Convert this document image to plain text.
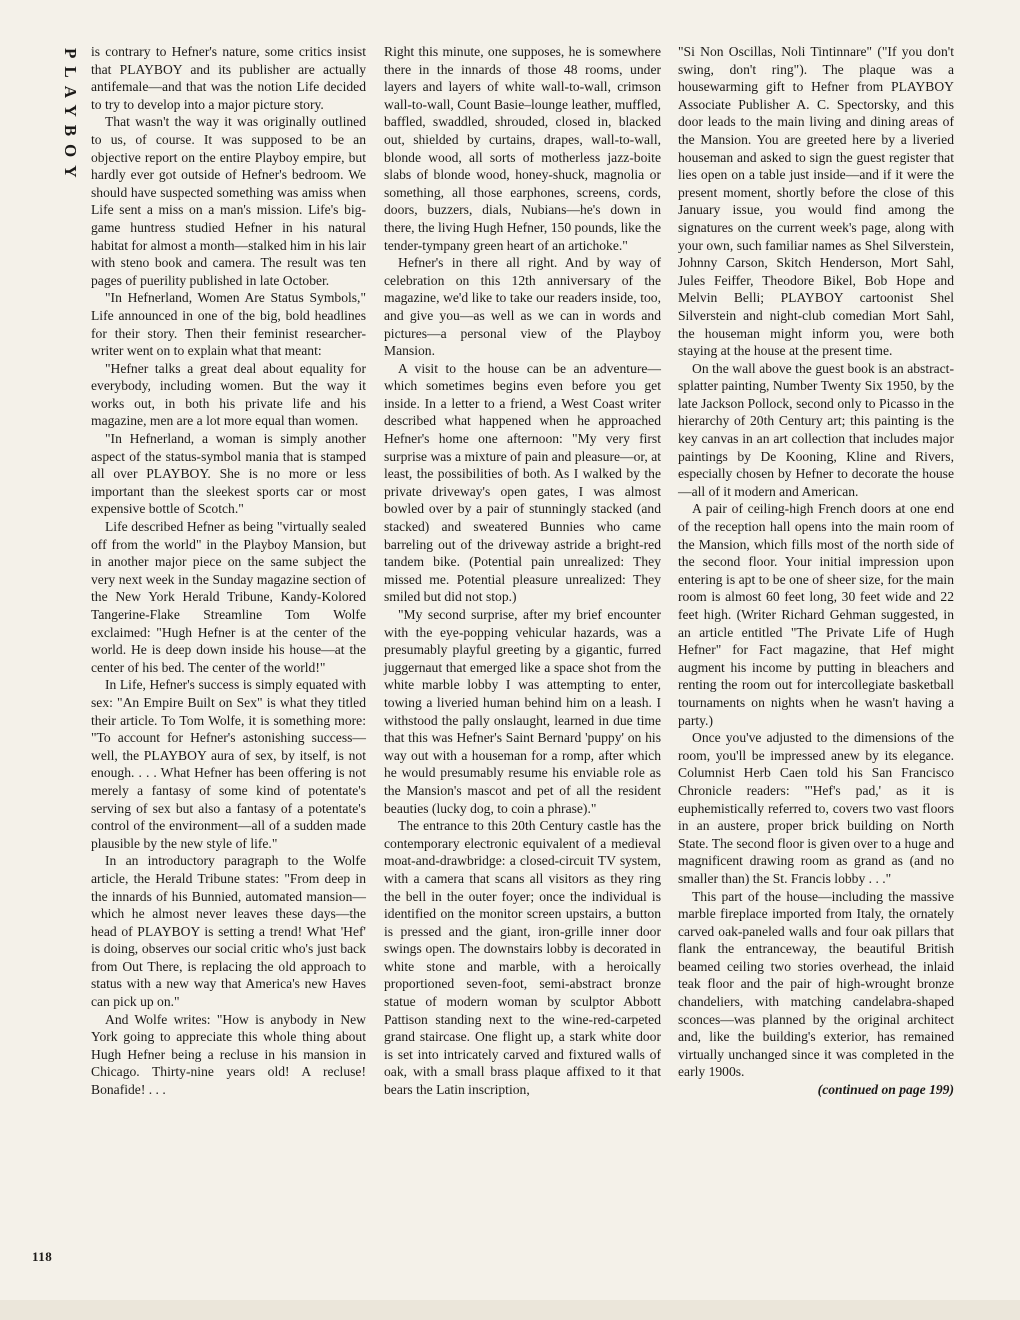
PLAYBOY is contrary to Hefner's nature, some critics insist that PLAYBOY and its publisher are actually antifemale—and that was the notion Life decided to try to develop into a major picture story.

That wasn't the way it was originally outlined to us, of course. It was supposed to be an objective report on the entire Playboy empire, but hardly ever got outside of Hefner's bedroom. We should have suspected something was amiss when Life sent a miss on a man's mission. Life's big-game huntress studied Hefner in his natural habitat for almost a month—stalked him in his lair with steno book and camera. The result was ten pages of puerility published in late October.

"In Hefnerland, Women Are Status Symbols," Life announced in one of the big, bold headlines for their story. Then their feminist researcher-writer went on to explain what that meant:

"Hefner talks a great deal about equality for everybody, including women. But the way it works out, in both his private life and his magazine, men are a lot more equal than women.

"In Hefnerland, a woman is simply another aspect of the status-symbol mania that is stamped all over PLAYBOY. She is no more or less important than the sleekest sports car or most expensive bottle of Scotch."

Life described Hefner as being "virtually sealed off from the world" in the Playboy Mansion, but in another major piece on the same subject the very next week in the Sunday magazine section of the New York Herald Tribune, Kandy-Kolored Tangerine-Flake Streamline Tom Wolfe exclaimed: "Hugh Hefner is at the center of the world. He is deep down inside his house—at the center of his bed. The center of the world!"

In Life, Hefner's success is simply equated with sex: "An Empire Built on Sex" is what they titled their article. To Tom Wolfe, it is something more: "To account for Hefner's astonishing success—well, the PLAYBOY aura of sex, by itself, is not enough. . . . What Hefner has been offering is not merely a fantasy of some kind of potentate's serving of sex but also a fantasy of a potentate's control of the environment—all of a sudden made plausible by the new style of life."

In an introductory paragraph to the Wolfe article, the Herald Tribune states: "From deep in the innards of his Bunnied, automated mansion—which he almost never leaves these days—the head of PLAYBOY is setting a trend! What 'Hef' is doing, observes our social critic who's just back from Out There, is replacing the old approach to status with a new way that America's new Haves can pick up on."

And Wolfe writes: "How is anybody in New York going to appreciate this whole thing about Hugh Hefner being a recluse in his mansion in Chicago. Thirty-nine years old! A recluse! Bonafide! . . .

Right this minute, one supposes, he is somewhere there in the innards of those 48 rooms, under layers and layers of white wall-to-wall, crimson wall-to-wall, Count Basie–lounge leather, muffled, baffled, swaddled, shrouded, closed in, blacked out, shielded by curtains, drapes, wall-to-wall, blonde wood, all sorts of motherless jazz-boite slabs of blonde wood, honey-shuck, magnolia or something, all those earphones, screens, cords, doors, buzzers, dials, Nubians—he's down in there, the living Hugh Hefner, 150 pounds, like the tender-tympany green heart of an artichoke."

Hefner's in there all right. And by way of celebration on this 12th anniversary of the magazine, we'd like to take our readers inside, too, and give you—as well as we can in words and pictures—a personal view of the Playboy Mansion.

A visit to the house can be an adventure—which sometimes begins even before you get inside. In a letter to a friend, a West Coast writer described what happened when he approached Hefner's home one afternoon: "My very first surprise was a mixture of pain and pleasure—or, at least, the possibilities of both. As I walked by the private driveway's open gates, I was almost bowled over by a pair of stunningly stacked (and stacked) and sweatered Bunnies who came barreling out of the driveway astride a bright-red tandem bike. (Potential pain unrealized: They missed me. Potential pleasure unrealized: They smiled but did not stop.)

"My second surprise, after my brief encounter with the eye-popping vehicular hazards, was a presumably playful greeting by a gigantic, furred juggernaut that emerged like a space shot from the white marble lobby I was attempting to enter, towing a liveried human behind him on a leash. I withstood the pally onslaught, learned in due time that this was Hefner's Saint Bernard 'puppy' on his way out with a houseman for a romp, after which he would presumably resume his enviable role as the Mansion's mascot and pet of all the resident beauties (lucky dog, to coin a phrase)."

The entrance to this 20th Century castle has the contemporary electronic equivalent of a medieval moat-and-drawbridge: a closed-circuit TV system, with a camera that scans all visitors as they ring the bell in the outer foyer; once the individual is identified on the monitor screen upstairs, a button is pressed and the giant, iron-grille inner door swings open. The downstairs lobby is decorated in white stone and marble, with a heroically proportioned seven-foot, semi-abstract bronze statue of modern woman by sculptor Abbott Pattison standing next to the wine-red-carpeted grand staircase. One flight up, a stark white door is set into intricately carved and fixtured walls of oak, with a small brass plaque affixed to it that bears the Latin inscription,

"Si Non Oscillas, Noli Tintinnare" ("If you don't swing, don't ring"). The plaque was a housewarming gift to Hefner from PLAYBOY Associate Publisher A. C. Spectorsky, and this door leads to the main living and dining areas of the Mansion. You are greeted here by a liveried houseman and asked to sign the guest register that lies open on a table just inside—and if it were the present moment, shortly before the close of this January issue, you would find among the signatures on the current week's page, along with your own, such familiar names as Shel Silverstein, Johnny Carson, Skitch Henderson, Mort Sahl, Jules Feiffer, Theodore Bikel, Bob Hope and Melvin Belli; PLAYBOY cartoonist Shel Silverstein and night-club comedian Mort Sahl, the houseman might inform you, were both staying at the house at the present time.

On the wall above the guest book is an abstract-splatter painting, Number Twenty Six 1950, by the late Jackson Pollock, second only to Picasso in the hierarchy of 20th Century art; this painting is the key canvas in an art collection that includes major paintings by De Kooning, Kline and Rivers, especially chosen by Hefner to decorate the house—all of it modern and American.

A pair of ceiling-high French doors at one end of the reception hall opens into the main room of the Mansion, which fills most of the north side of the second floor. Your initial impression upon entering is apt to be one of sheer size, for the main room is almost 60 feet long, 30 feet wide and 22 feet high. (Writer Richard Gehman suggested, in an article entitled "The Private Life of Hugh Hefner" for Fact magazine, that Hef might augment his income by putting in bleachers and renting the room out for intercollegiate basketball tournaments on nights when he wasn't having a party.)

Once you've adjusted to the dimensions of the room, you'll be impressed anew by its elegance. Columnist Herb Caen told his San Francisco Chronicle readers: "'Hef's pad,' as it is euphemistically referred to, covers two vast floors in an austere, proper brick building on North State. The second floor is given over to a huge and magnificent drawing room as grand as (and no smaller than) the St. Francis lobby . . ."

This part of the house—including the massive marble fireplace imported from Italy, the ornately carved oak-paneled walls and four oak pillars that flank the entranceway, the beautiful British beamed ceiling two stories overhead, the inlaid teak floor and the pair of high-wrought bronze chandeliers, with matching candelabra-shaped sconces—was planned by the original architect and, like the building's exterior, has remained virtually unchanged since it was completed in the early 1900s.

(continued on page 199)

118
